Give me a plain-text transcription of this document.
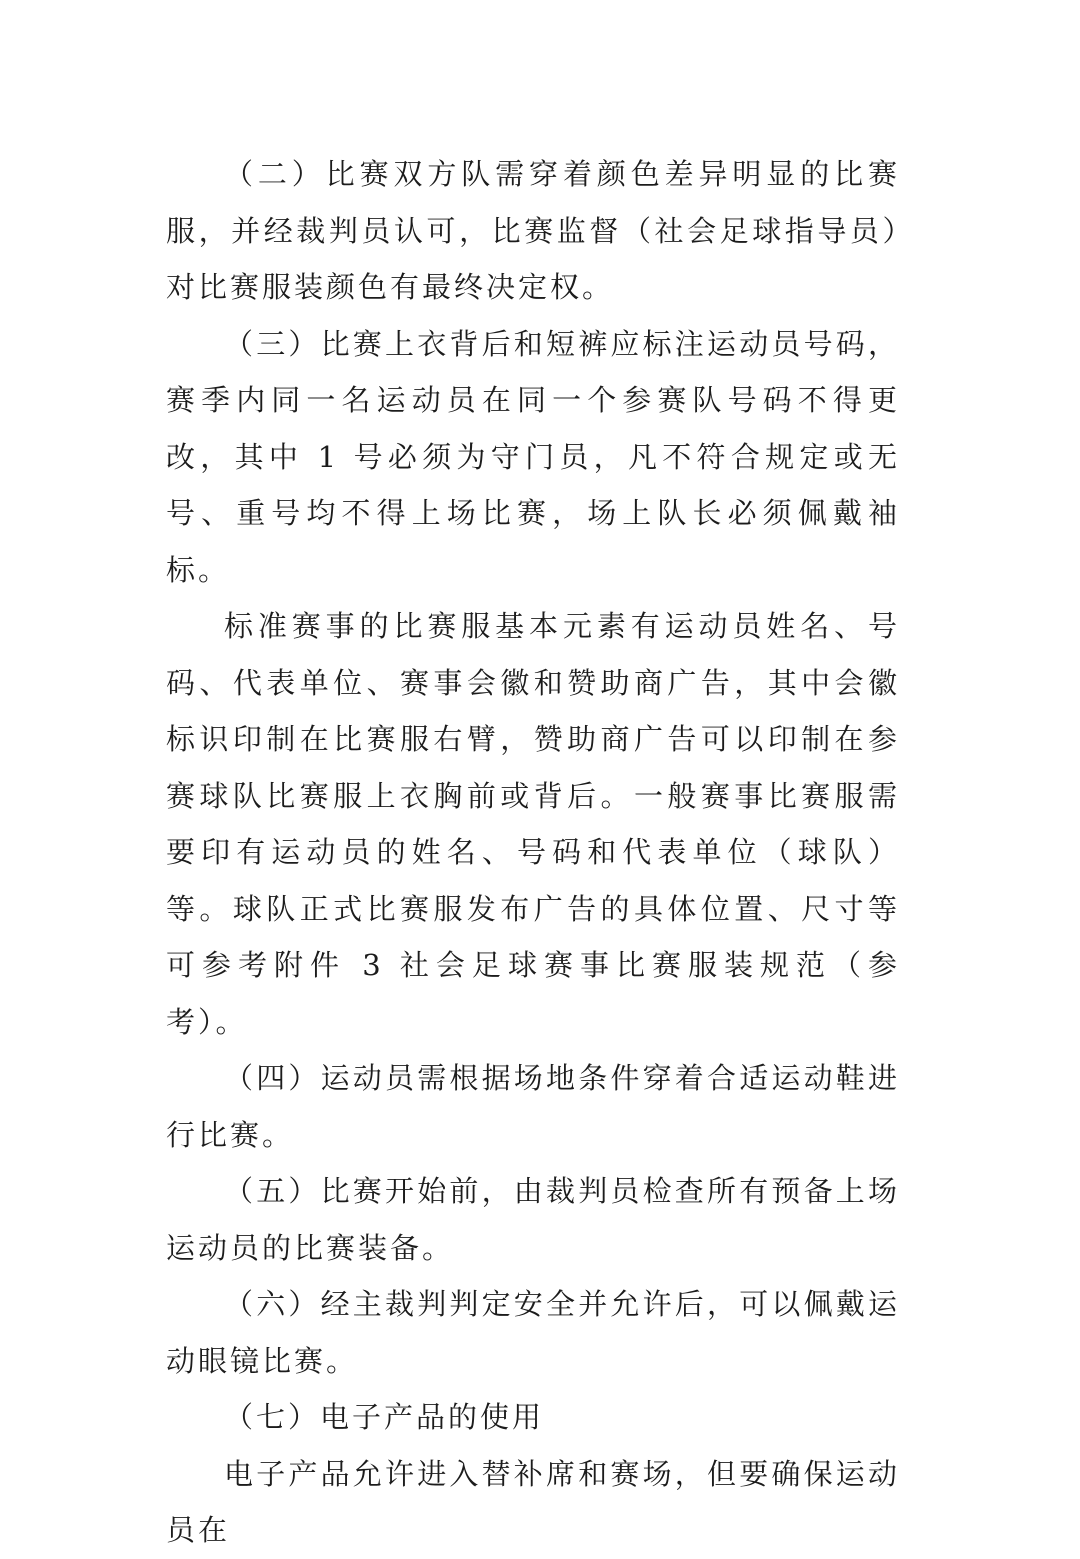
（二）比赛双方队需穿着颜色差异明显的比赛服，并经裁判员认可，比赛监督（社会足球指导员）对比赛服装颜色有最终决定权。

（三）比赛上衣背后和短裤应标注运动员号码，赛季内同一名运动员在同一个参赛队号码不得更改，其中 1 号必须为守门员，凡不符合规定或无号、重号均不得上场比赛，场上队长必须佩戴袖标。

标准赛事的比赛服基本元素有运动员姓名、号码、代表单位、赛事会徽和赞助商广告，其中会徽标识印制在比赛服右臂，赞助商广告可以印制在参赛球队比赛服上衣胸前或背后。一般赛事比赛服需要印有运动员的姓名、号码和代表单位（球队）等。球队正式比赛服发布广告的具体位置、尺寸等可参考附件 3 社会足球赛事比赛服装规范（参考）。

（四）运动员需根据场地条件穿着合适运动鞋进行比赛。

（五）比赛开始前，由裁判员检查所有预备上场运动员的比赛装备。

（六）经主裁判判定安全并允许后，可以佩戴运动眼镜比赛。

（七）电子产品的使用

电子产品允许进入替补席和赛场，但要确保运动员在
